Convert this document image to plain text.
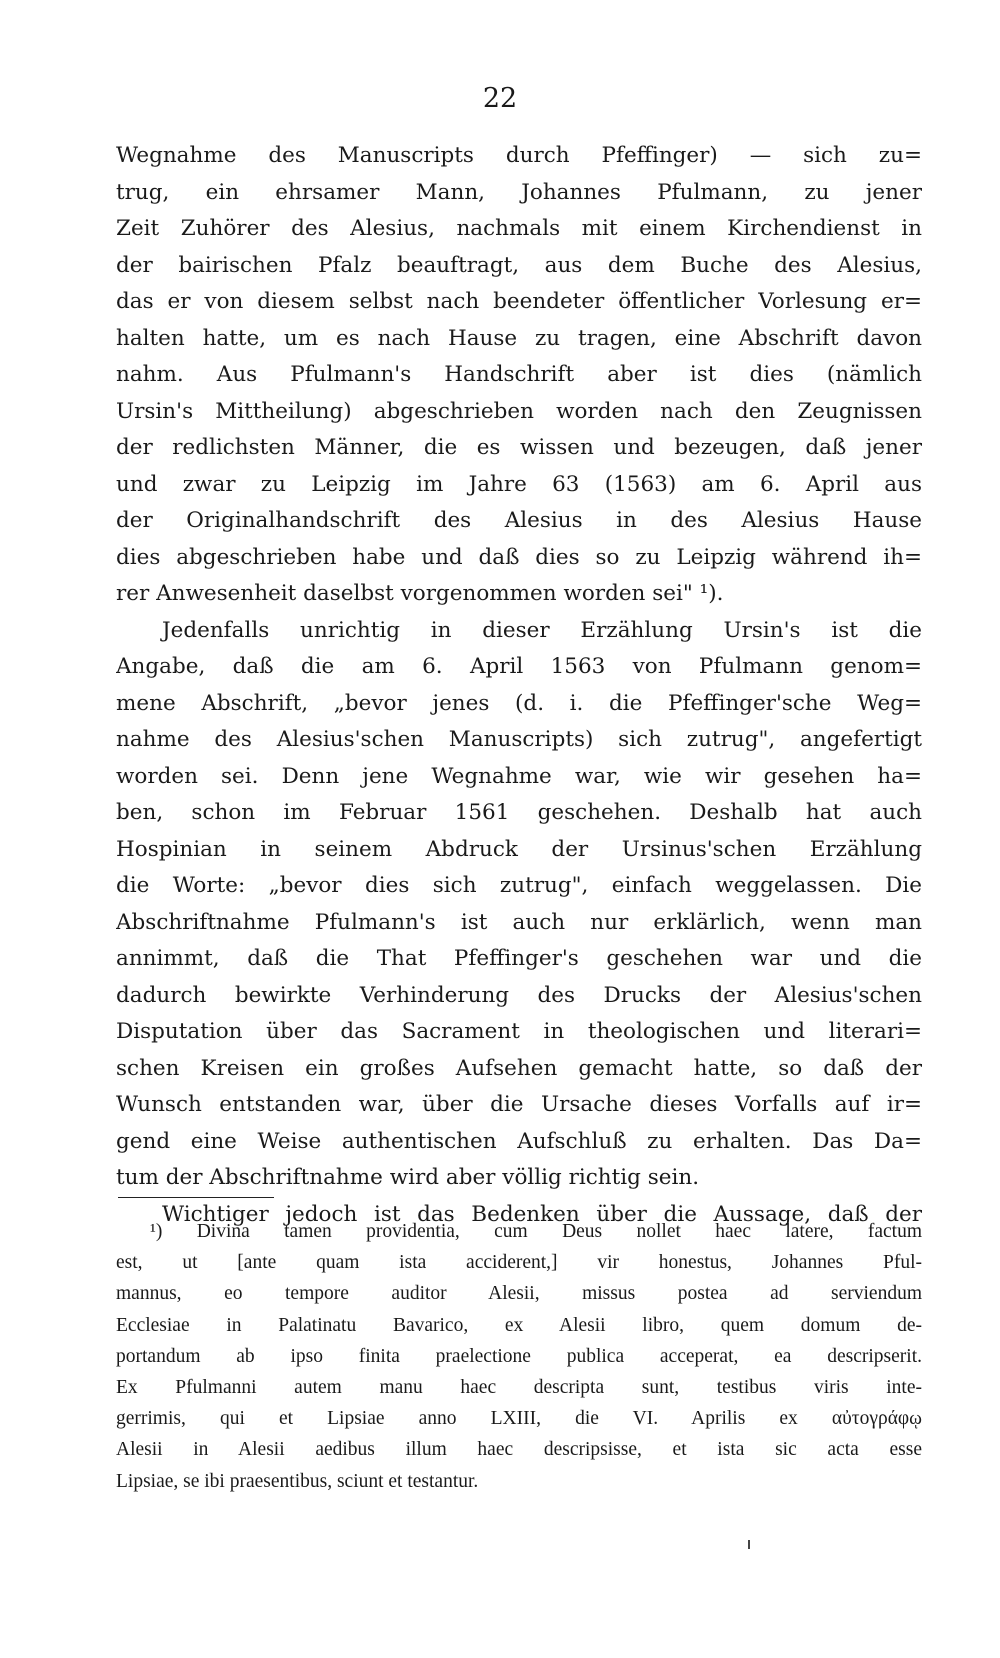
22
Wegnahme des Manuscripts durch Pfeffinger) — sich zu=
trug, ein ehrsamer Mann, Johannes Pfulmann, zu jener
Zeit Zuhörer des Alesius, nachmals mit einem Kirchendienst in
der bairischen Pfalz beauftragt, aus dem Buche des Alesius,
das er von diesem selbst nach beendeter öffentlicher Vorlesung er=
halten hatte, um es nach Hause zu tragen, eine Abschrift davon
nahm. Aus Pfulmann's Handschrift aber ist dies (nämlich
Ursin's Mittheilung) abgeschrieben worden nach den Zeugnissen
der redlichsten Männer, die es wissen und bezeugen, daß jener
und zwar zu Leipzig im Jahre 63 (1563) am 6. April aus
der Originalhandschrift des Alesius in des Alesius Hause
dies abgeschrieben habe und daß dies so zu Leipzig während ih=
rer Anwesenheit daselbst vorgenommen worden sei" ¹).
Jedenfalls unrichtig in dieser Erzählung Ursin's ist die
Angabe, daß die am 6. April 1563 von Pfulmann genom=
mene Abschrift, „bevor jenes (d. i. die Pfeffinger'sche Weg=
nahme des Alesius'schen Manuscripts) sich zutrug", angefertigt
worden sei. Denn jene Wegnahme war, wie wir gesehen ha=
ben, schon im Februar 1561 geschehen. Deshalb hat auch
Hospinian in seinem Abdruck der Ursinus'schen Erzählung
die Worte: „bevor dies sich zutrug", einfach weggelassen. Die
Abschriftnahme Pfulmann's ist auch nur erklärlich, wenn man
annimmt, daß die That Pfeffinger's geschehen war und die
dadurch bewirkte Verhinderung des Drucks der Alesius'schen
Disputation über das Sacrament in theologischen und literari=
schen Kreisen ein großes Aufsehen gemacht hatte, so daß der
Wunsch entstanden war, über die Ursache dieses Vorfalls auf ir=
gend eine Weise authentischen Aufschluß zu erhalten. Das Da=
tum der Abschriftnahme wird aber völlig richtig sein.
Wichtiger jedoch ist das Bedenken über die Aussage, daß der
¹) Divina tamen providentia, cum Deus nollet haec latere, factum
est, ut [ante quam ista acciderent,] vir honestus, Johannes Pful-
mannus, eo tempore auditor Alesii, missus postea ad serviendum
Ecclesiae in Palatinatu Bavarico, ex Alesii libro, quem domum de-
portandum ab ipso finita praelectione publica acceperat, ea descripserit.
Ex Pfulmanni autem manu haec descripta sunt, testibus viris inte-
gerrimis, qui et Lipsiae anno LXIII, die VI. Aprilis ex αὐτογράφῳ
Alesii in Alesii aedibus illum haec descripsisse, et ista sic acta esse
Lipsiae, se ibi praesentibus, sciunt et testantur.
